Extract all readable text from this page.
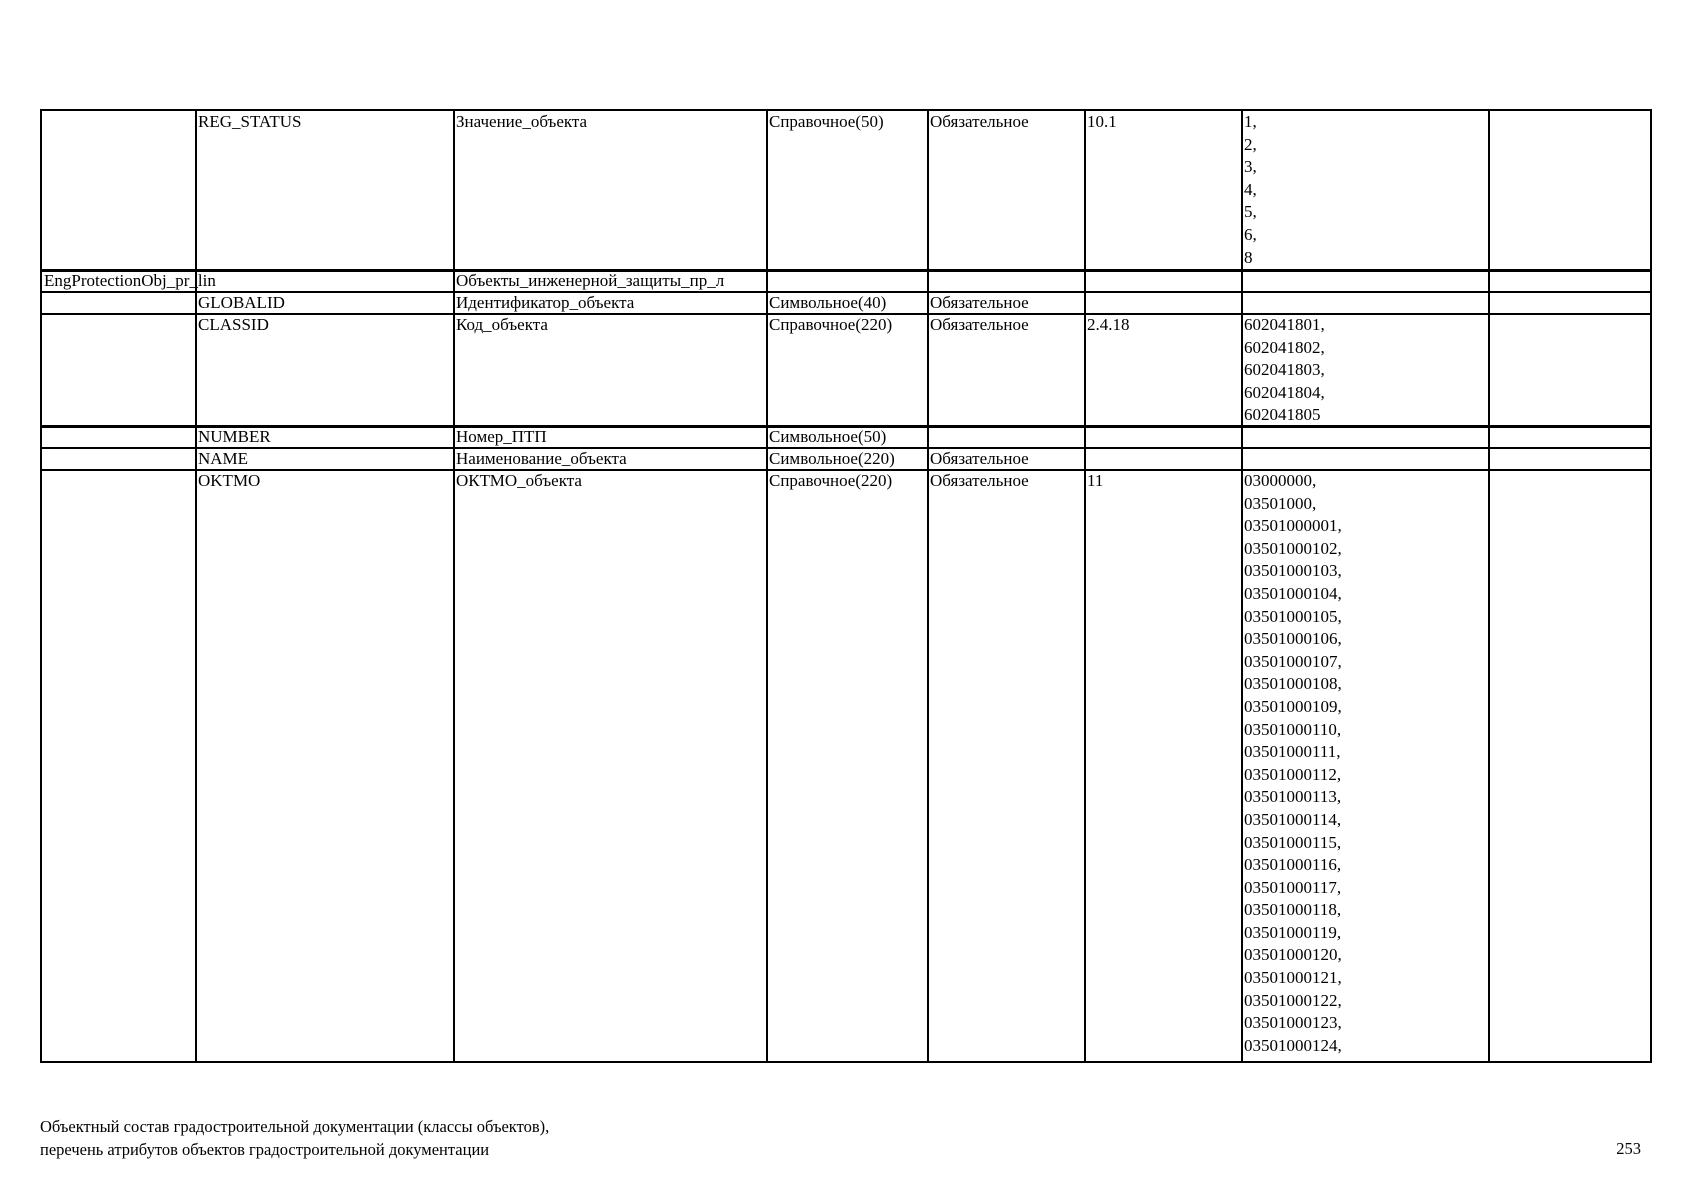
REG_STATUS	Значение_объекта	Справочное(50)	Обязательное	10.1	1,
2,
3,
4,
5,
6,
8
EngProtectionObj_pr_lin	Объекты_инженерной_защиты_пр_л
GLOBALID	Идентификатор_объекта	Символьное(40)	Обязательное
CLASSID	Код_объекта	Справочное(220)	Обязательное	2.4.18	602041801,
602041802,
602041803,
602041804,
602041805
NUMBER	Номер_ПТП	Символьное(50)
NAME	Наименование_объекта	Символьное(220)	Обязательное
OKTMO	ОКТМО_объекта	Справочное(220)	Обязательное	11	03000000,
03501000,
03501000001,
03501000102,
03501000103,
03501000104,
03501000105,
03501000106,
03501000107,
03501000108,
03501000109,
03501000110,
03501000111,
03501000112,
03501000113,
03501000114,
03501000115,
03501000116,
03501000117,
03501000118,
03501000119,
03501000120,
03501000121,
03501000122,
03501000123,
03501000124,
Объектный состав градостроительной документации (классы объектов),
перечень атрибутов объектов градостроительной документации	253
